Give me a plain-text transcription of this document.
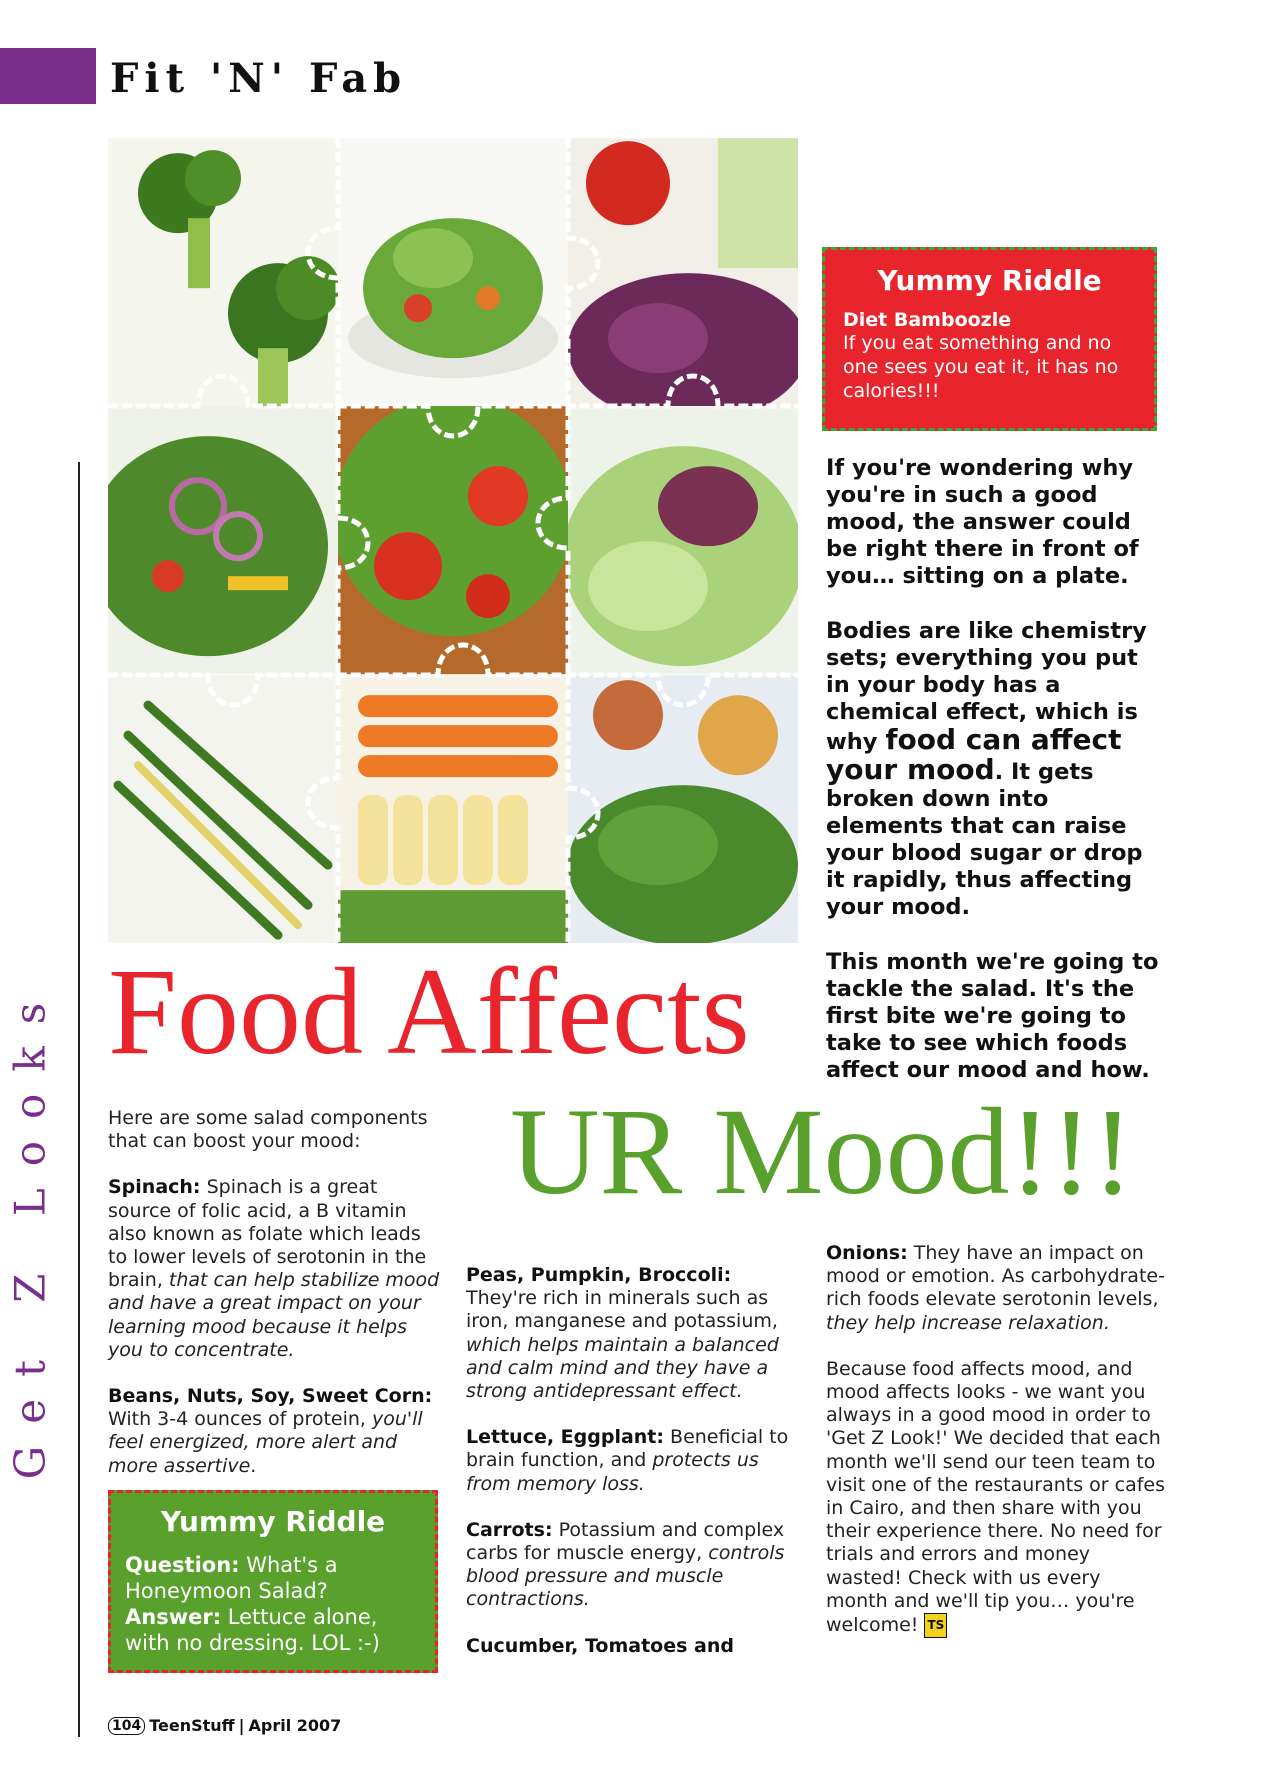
Fit 'N' Fab
Get Z Looks
Yummy Riddle
Diet Bamboozle
If you eat something and no one sees you eat it, it has no calories!!!

If you're wondering why you're in such a good mood, the answer could be right there in front of you… sitting on a plate.

Bodies are like chemistry sets; everything you put in your body has a chemical effect, which is why food can affect your mood. It gets broken down into elements that can raise your blood sugar or drop it rapidly, thus affecting your mood.

This month we're going to tackle the salad. It's the first bite we're going to take to see which foods affect our mood and how.

Food Affects
UR Mood!!!

Here are some salad components that can boost your mood:

Spinach: Spinach is a great source of folic acid, a B vitamin also known as folate which leads to lower levels of serotonin in the brain, that can help stabilize mood and have a great impact on your learning mood because it helps you to concentrate.

Beans, Nuts, Soy, Sweet Corn: With 3-4 ounces of protein, you'll feel energized, more alert and more assertive.

Yummy Riddle
Question: What's a Honeymoon Salad?
Answer: Lettuce alone, with no dressing. LOL :-)

Peas, Pumpkin, Broccoli: They're rich in minerals such as iron, manganese and potassium, which helps maintain a balanced and calm mind and they have a strong antidepressant effect.

Lettuce, Eggplant: Beneficial to brain function, and protects us from memory loss.

Carrots: Potassium and complex carbs for muscle energy, controls blood pressure and muscle contractions.

Cucumber, Tomatoes and

Onions: They have an impact on mood or emotion. As carbohydrate-rich foods elevate serotonin levels, they help increase relaxation.

Because food affects mood, and mood affects looks - we want you always in a good mood in order to 'Get Z Look!' We decided that each month we'll send our teen team to visit one of the restaurants or cafes in Cairo, and then share with you their experience there. No need for trials and errors and money wasted! Check with us every month and we'll tip you… you're welcome! TS

104 TeenStuff | April 2007
